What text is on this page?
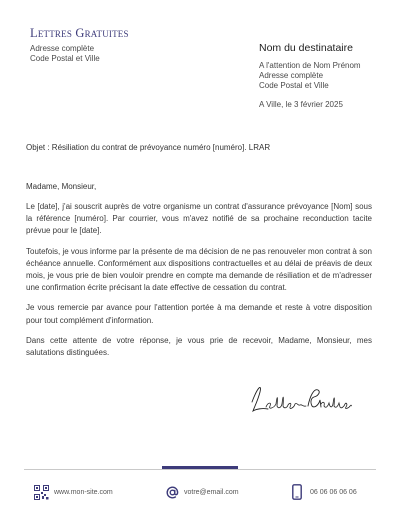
Lettres Gratuites
Adresse complète
Code Postal et Ville
Nom du destinataire
A l'attention de Nom Prénom
Adresse complète
Code Postal et Ville
A Ville, le 3 février 2025
Objet : Résiliation du contrat de prévoyance numéro [numéro]. LRAR
Madame, Monsieur,

Le [date], j'ai souscrit auprès de votre organisme un contrat d'assurance prévoyance [Nom] sous la référence [numéro]. Par courrier, vous m'avez notifié de sa prochaine reconduction tacite prévue pour le [date].

Toutefois, je vous informe par la présente de ma décision de ne pas renouveler mon contrat à son échéance annuelle. Conformément aux dispositions contractuelles et au délai de préavis de deux mois, je vous prie de bien vouloir prendre en compte ma demande de résiliation et de m'adresser une confirmation écrite précisant la date effective de cessation du contrat.

Je vous remercie par avance pour l'attention portée à ma demande et reste à votre disposition pour tout complément d'information.

Dans cette attente de votre réponse, je vous prie de recevoir, Madame, Monsieur, mes salutations distinguées.

www.mon-site.com	votre@email.com	06 06 06 06 06
